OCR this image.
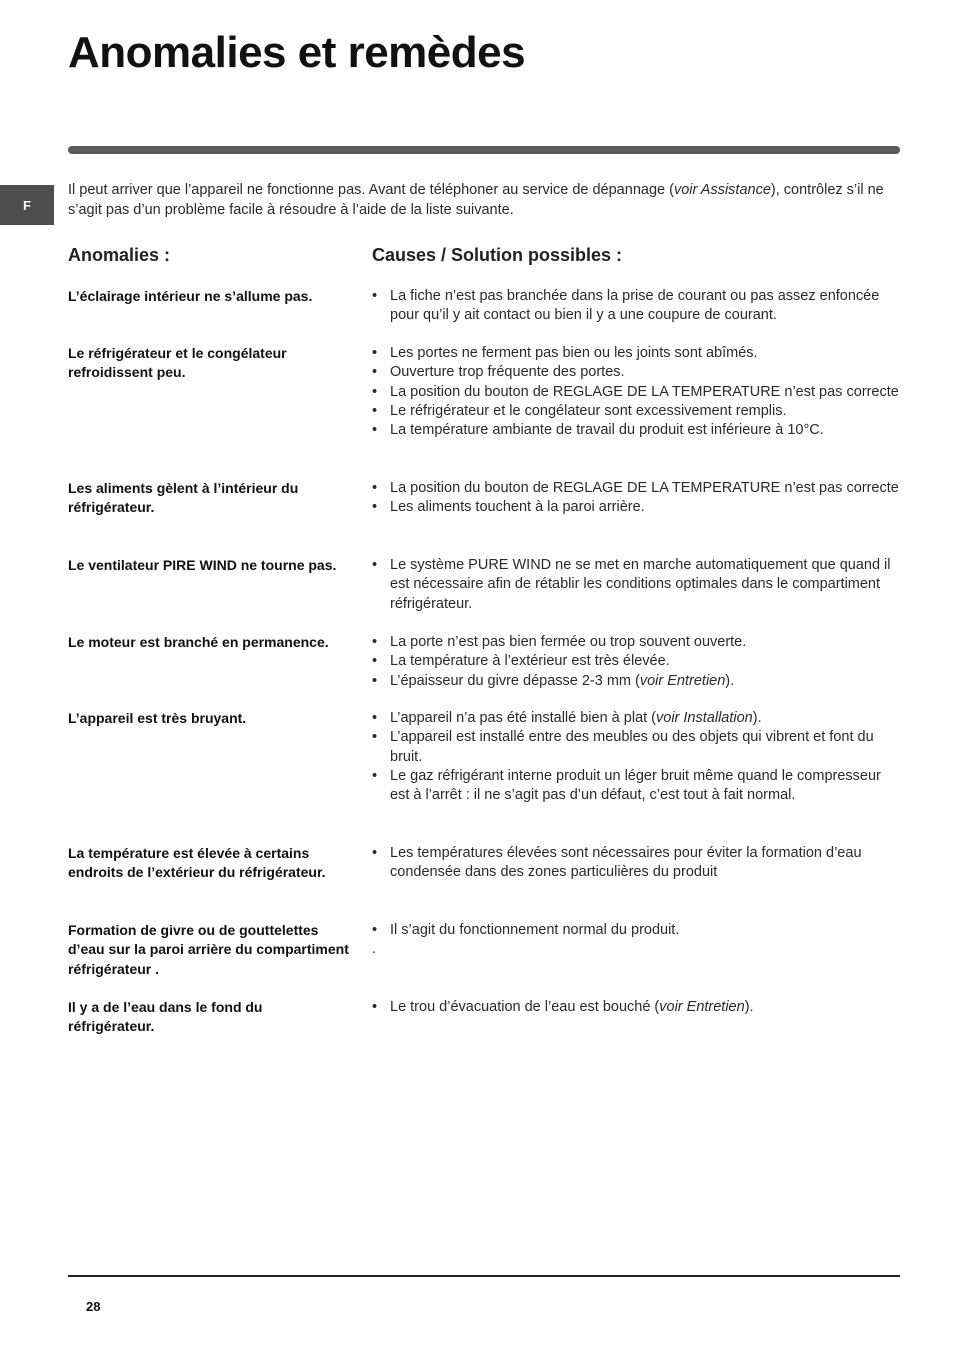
Anomalies et remèdes
F
Il peut arriver que l’appareil ne fonctionne pas. Avant de téléphoner au service de dépannage (voir Assistance), contrôlez s’il ne s’agit pas d’un problème facile à résoudre à l’aide de la liste suivante.
Anomalies :	Causes / Solution possibles :
L’éclairage intérieur ne s’allume pas.	• La fiche n’est pas branchée dans la prise de courant ou pas assez enfoncée pour qu’il y ait contact ou bien il y a une coupure de courant.
Le réfrigérateur et le congélateur refroidissent peu.
• Les portes ne ferment pas bien ou les joints sont abîmés.
• Ouverture trop fréquente des portes.
• La position du bouton de REGLAGE DE LA TEMPERATURE n’est pas correcte
• Le réfrigérateur et le congélateur sont excessivement remplis.
• La température ambiante de travail du produit est inférieure à 10°C.
Les aliments gèlent à l’intérieur du réfrigérateur.
• La position du bouton de REGLAGE DE LA TEMPERATURE n’est pas correcte
• Les aliments touchent à la paroi arrière.
Le ventilateur PIRE WIND ne tourne pas.	• Le système PURE WIND ne se met en marche automatiquement que quand il est nécessaire afin de rétablir les conditions optimales dans le compartiment réfrigérateur.
Le moteur est branché en permanence.	• La porte n’est pas bien fermée ou trop souvent ouverte.
• La température à l’extérieur est très élevée.
• L’épaisseur du givre dépasse 2-3 mm (voir Entretien).
L’appareil est très bruyant.	• L’appareil n’a pas été installé bien à plat (voir Installation).
• L’appareil est installé entre des meubles ou des objets qui vibrent et font du bruit.
• Le gaz réfrigérant interne produit un léger bruit même quand le compresseur est à l’arrêt : il ne s’agit pas d’un défaut, c’est tout à fait normal.
La température est élevée à certains endroits de l’extérieur du réfrigérateur.
• Les températures élevées sont nécessaires pour éviter la formation d’eau condensée dans des zones particulières du produit
Formation de givre ou de gouttelettes d’eau sur la paroi arrière du compartiment réfrigérateur .
• Il s’agit du fonctionnement normal du produit.
.
Il y a de l’eau dans le fond du réfrigérateur.
• Le trou d’évacuation de l’eau est bouché (voir Entretien).
28
